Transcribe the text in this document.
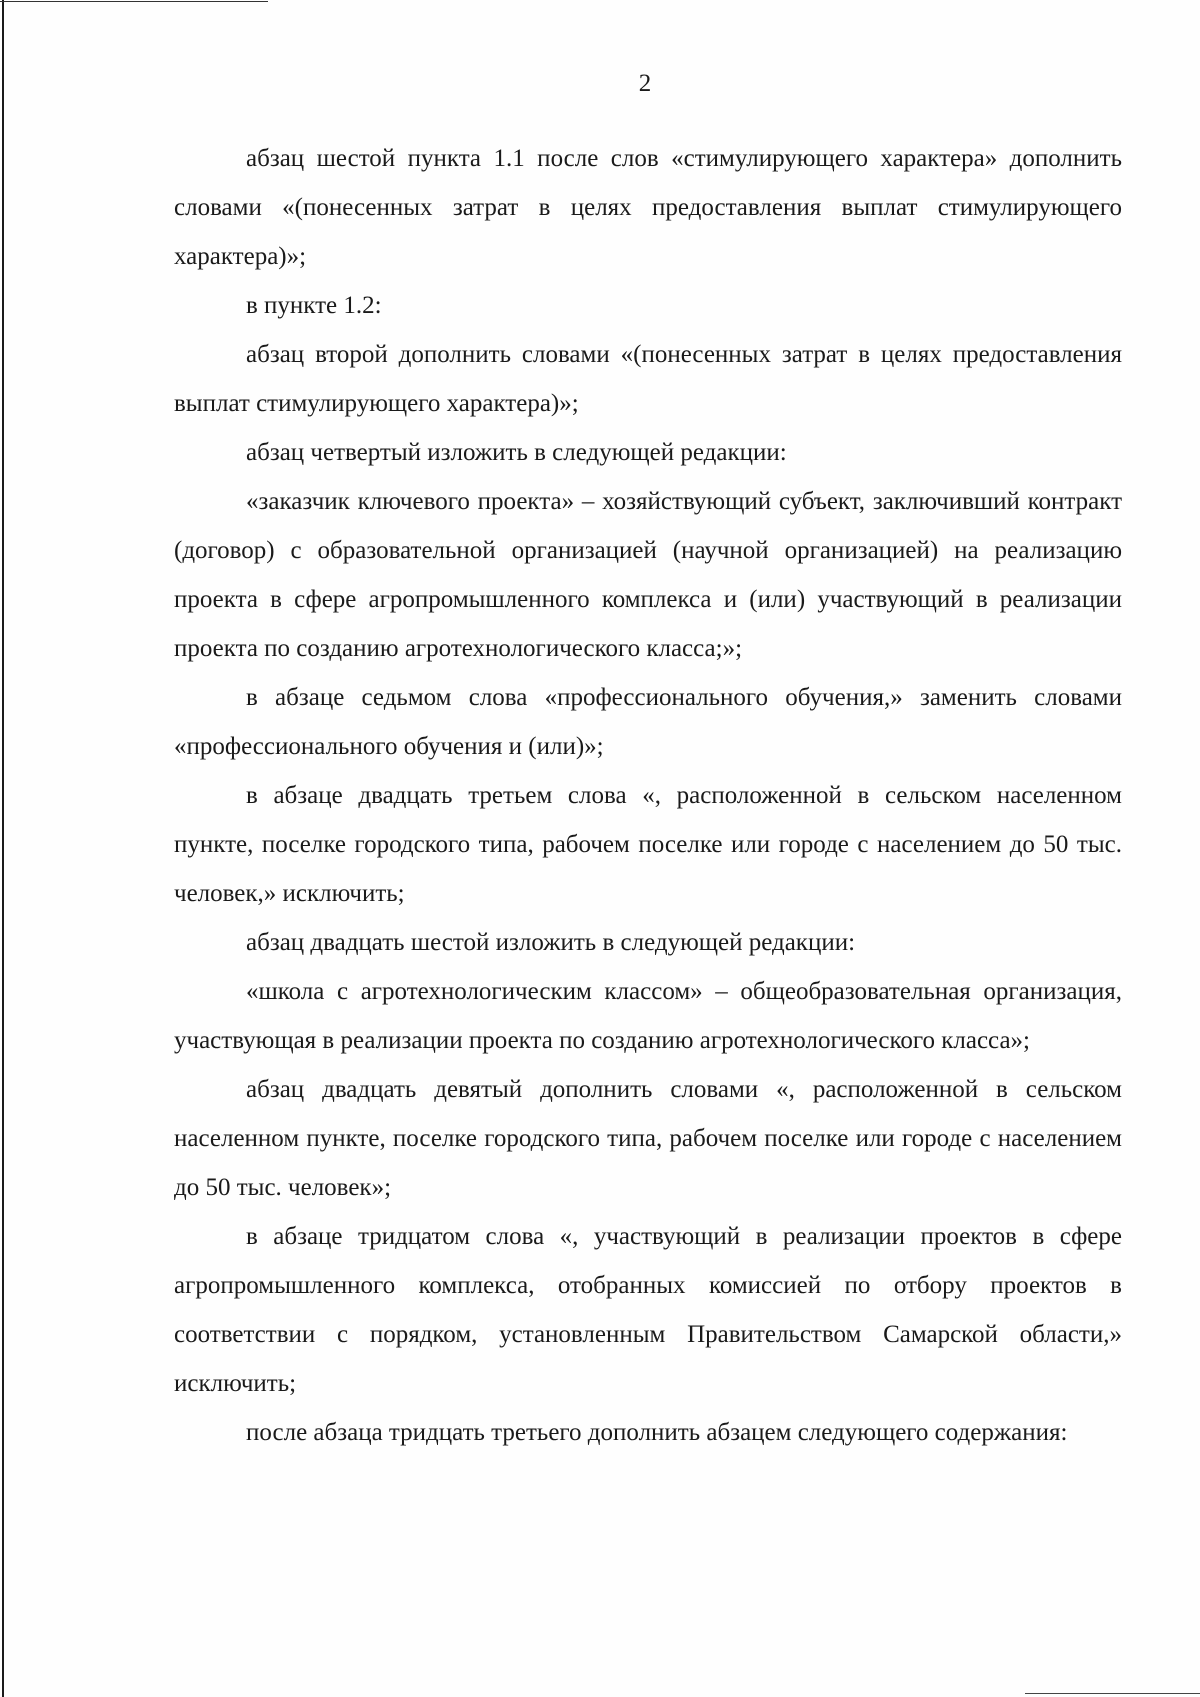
2

абзац шестой пункта 1.1 после слов «стимулирующего характера» дополнить словами «(понесенных затрат в целях предоставления выплат стимулирующего характера)»;

в пункте 1.2:

абзац второй дополнить словами «(понесенных затрат в целях предоставления выплат стимулирующего характера)»;

абзац четвертый изложить в следующей редакции:

«заказчик ключевого проекта» – хозяйствующий субъект, заключивший контракт (договор) с образовательной организацией (научной организацией) на реализацию проекта в сфере агропромышленного комплекса и (или) участвующий в реализации проекта по созданию агротехнологического класса;»;

в абзаце седьмом слова «профессионального обучения,» заменить словами «профессионального обучения и (или)»;

в абзаце двадцать третьем слова «, расположенной в сельском населенном пункте, поселке городского типа, рабочем поселке или городе с населением до 50 тыс. человек,» исключить;

абзац двадцать шестой изложить в следующей редакции:

«школа с агротехнологическим классом» – общеобразовательная организация, участвующая в реализации проекта по созданию агротехнологического класса»;

абзац двадцать девятый дополнить словами «, расположенной в сельском населенном пункте, поселке городского типа, рабочем поселке или городе с населением до 50 тыс. человек»;

в абзаце тридцатом слова «, участвующий в реализации проектов в сфере агропромышленного комплекса, отобранных комиссией по отбору проектов в соответствии с порядком, установленным Правительством Самарской области,» исключить;

после абзаца тридцать третьего дополнить абзацем следующего содержания:
